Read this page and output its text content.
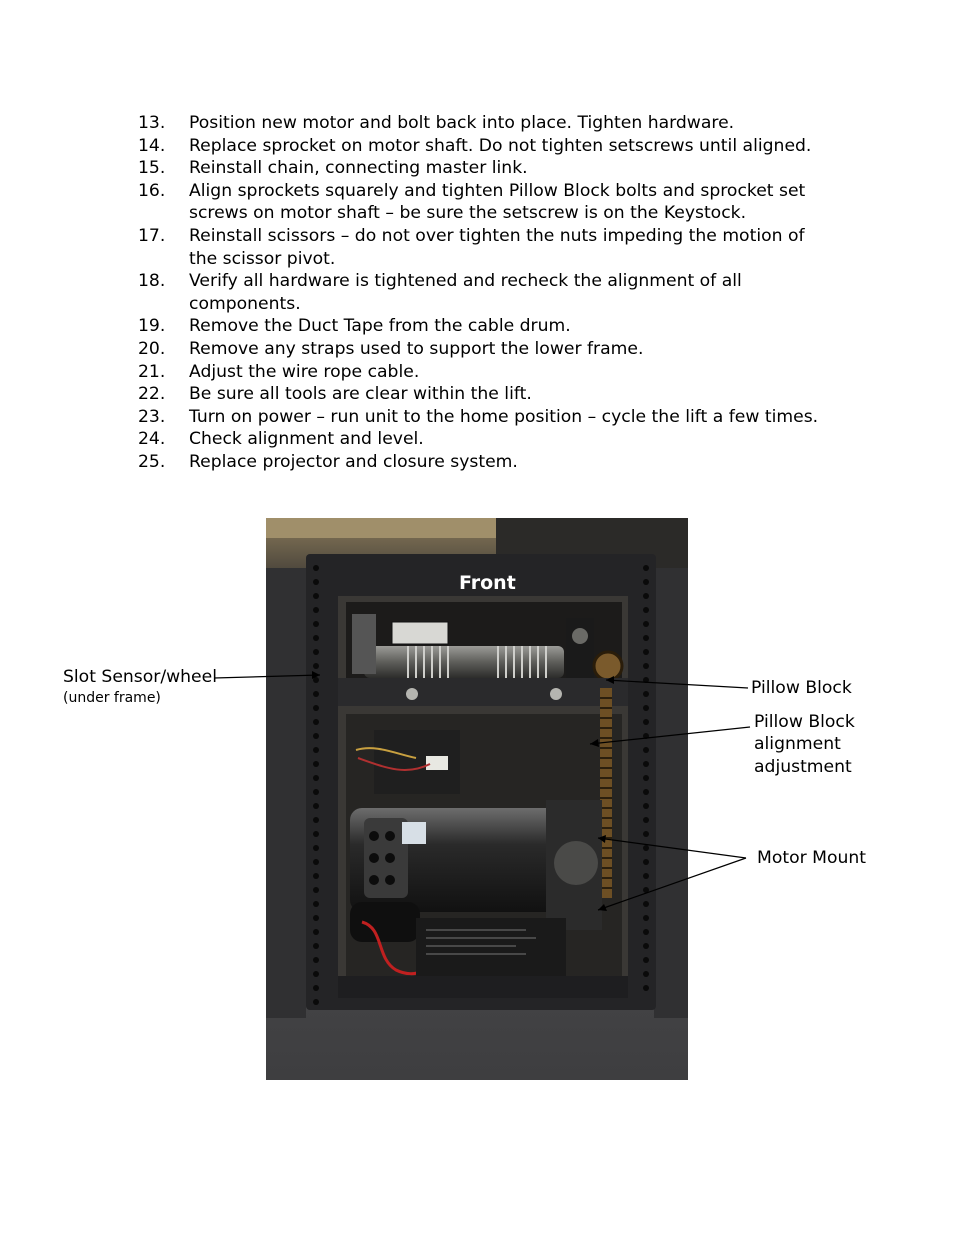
13.	Position new motor and bolt back into place. Tighten hardware.
14.	Replace sprocket on motor shaft. Do not tighten setscrews until aligned.
15.	Reinstall chain, connecting master link.
16.	Align sprockets squarely and tighten Pillow Block bolts and sprocket set screws on motor shaft – be sure the setscrew is on the Keystock.
17.	Reinstall scissors – do not over tighten the nuts impeding the motion of the scissor pivot.
18.	Verify all hardware is tightened and recheck the alignment of all components.
19.	Remove the Duct Tape from the cable drum.
20.	Remove any straps used to support the lower frame.
21.	Adjust the wire rope cable.
22.	Be sure all tools are clear within the lift.
23.	Turn on power – run unit to the home position – cycle the lift a few times.
24.	Check alignment and level.
25.	Replace projector and closure system.
Front
Slot Sensor/wheel
(under frame)	Pillow Block
Pillow Block
alignment
adjustment
Motor Mount
